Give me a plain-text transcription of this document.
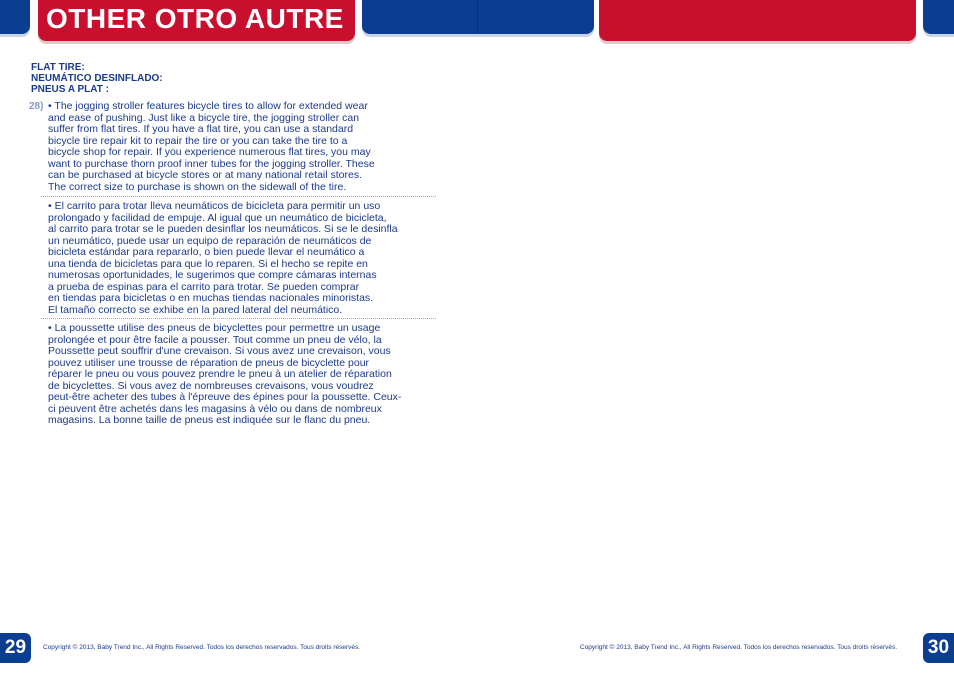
OTHER OTRO AUTRE
FLAT TIRE:
NEUMÁTICO DESINFLADO:
PNEUS A PLAT :
28) • The jogging stroller features bicycle tires to allow for extended wear
and ease of pushing. Just like a bicycle tire, the jogging stroller can
suffer from flat tires. If you have a flat tire, you can use a standard
bicycle tire repair kit to repair the tire or you can take the tire to a
bicycle shop for repair. If you experience numerous flat tires, you may
want to purchase thorn proof inner tubes for the jogging stroller. These
can be purchased at bicycle stores or at many national retail stores.
The correct size to purchase is shown on the sidewall of the tire.
• El carrito para trotar lleva neumáticos de bicicleta para permitir un uso
prolongado y facilidad de empuje. Al igual que un neumático de bicicleta,
al carrito para trotar se le pueden desinflar los neumáticos. Si se le desinfla
un neumático, puede usar un equipo de reparación de neumáticos de
bicicleta estándar para repararlo, o bien puede llevar el neumático a
una tienda de bicicletas para que lo reparen. Si el hecho se repite en
numerosas oportunidades, le sugerimos que compre cámaras internas
a prueba de espinas para el carrito para trotar. Se pueden comprar
en tiendas para bicicletas o en muchas tiendas nacionales minoristas.
El tamaño correcto se exhibe en la pared lateral del neumático.
• La poussette utilise des pneus de bicyclettes pour permettre un usage
prolongée et pour être facile a pousser. Tout comme un pneu de vélo, la
Poussette peut souffrir d'une crevaison. Si vous avez une crevaison, vous
pouvez utiliser une trousse de réparation de pneus de bicyclette pour
réparer le pneu ou vous pouvez prendre le pneu à un atelier de réparation
de bicyclettes. Si vous avez de nombreuses crevaisons, vous voudrez
peut-être acheter des tubes à l'épreuve des épines pour la poussette. Ceux-
ci peuvent être achetés dans les magasins à vélo ou dans de nombreux
magasins. La bonne taille de pneus est indiquée sur le flanc du pneu.
29	Copyright © 2013, Baby Trend Inc., All Rights Reserved. Todos los derechos reservados. Tous droits réservés.	Copyright © 2013, Baby Trend Inc., All Rights Reserved. Todos los derechos reservados. Tous droits réservés. 30
